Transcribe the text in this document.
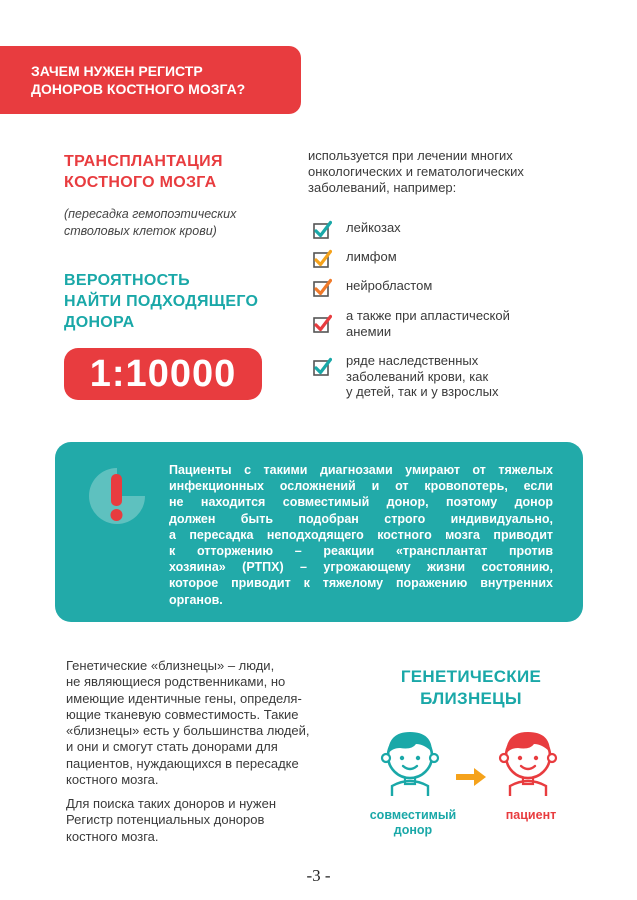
ЗАЧЕМ НУЖЕН РЕГИСТР
ДОНОРОВ КОСТНОГО МОЗГА?
ТРАНСПЛАНТАЦИЯ
КОСТНОГО МОЗГА
(пересадка гемопоэтических
стволовых клеток крови)
ВЕРОЯТНОСТЬ
НАЙТИ ПОДХОДЯЩЕГО
ДОНОРА
1:10000
используется при лечении многих
онкологических и гематологических
заболеваний, например:
лейкозах
лимфом
нейробластом
а также при апластической
анемии
ряде наследственных
заболеваний крови, как
у детей, так и у взрослых
Пациенты с такими диагнозами умирают от тяжелых
инфекционных осложнений и от кровопотерь, если
не находится совместимый донор, поэтому донор
должен быть подобран строго индивидуально,
а пересадка неподходящего костного мозга приводит
к отторжению – реакции «трансплантат против
хозяина» (РТПХ) – угрожающему жизни состоянию,
которое приводит к тяжелому поражению внутренних
органов.
Генетические «близнецы» – люди,
не являющиеся родственниками, но
имеющие идентичные гены, определя-
ющие тканевую совместимость. Такие
«близнецы» есть у большинства людей,
и они и смогут стать донорами для
пациентов, нуждающихся в пересадке
костного мозга.
Для поиска таких доноров и нужен
Регистр потенциальных доноров
костного мозга.
ГЕНЕТИЧЕСКИЕ
БЛИЗНЕЦЫ
совместимый
донор
пациент
-3 -
